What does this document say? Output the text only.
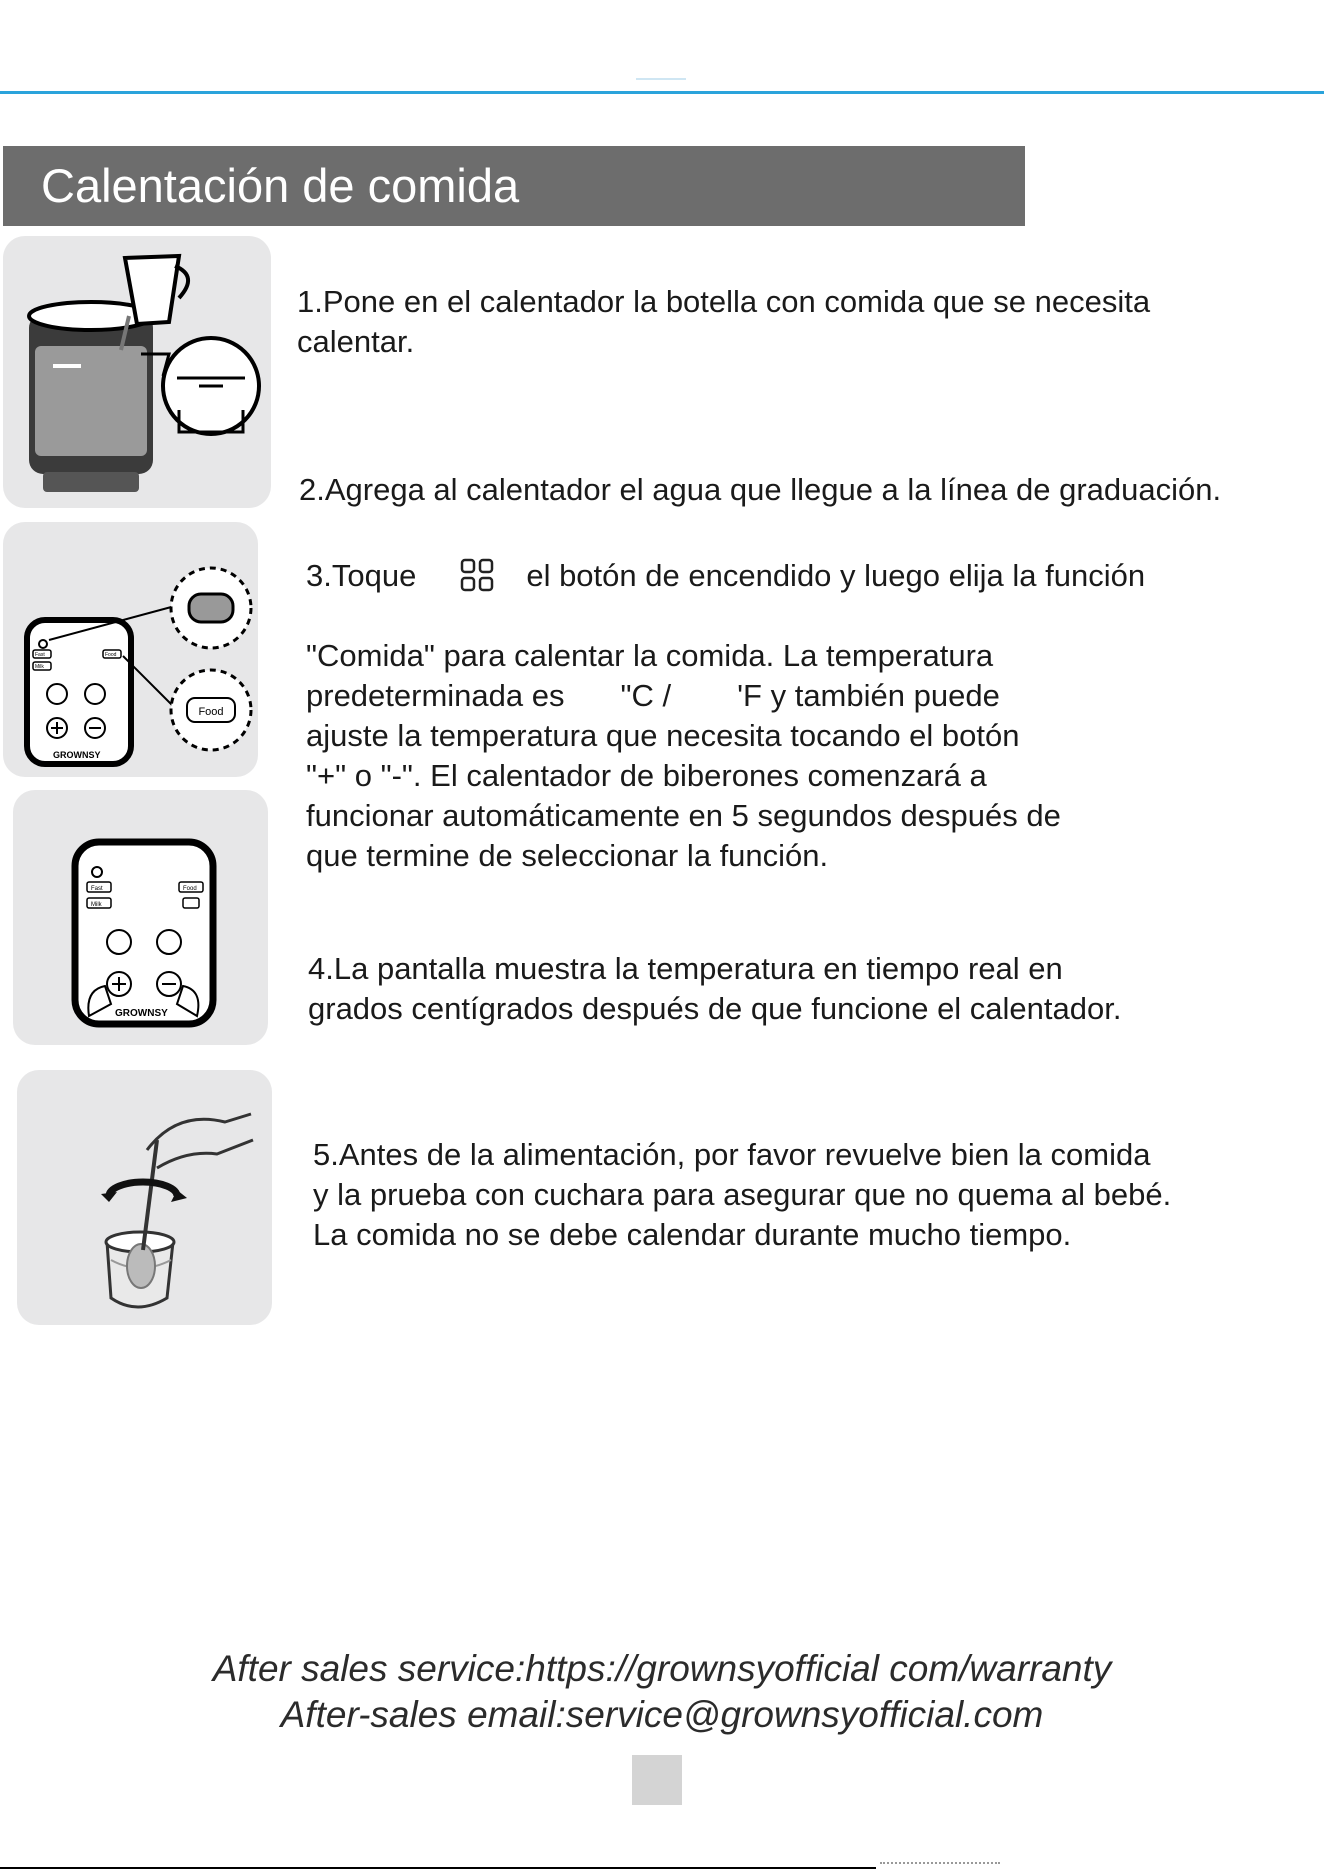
Calentación de comida
GROWNSY
Food
Fast
Milk
Food
Fast
Milk
Food
GROWNSY

1.Pone en el calentador la botella con comida que se necesita
calentar.

2.Agrega al calentador el agua que llegue a la línea de graduación.

3.Toque	el botón de encendido y luego elija la función
"Comida" para calentar la comida. La temperatura
predeterminada es "C / 'F y también puede
ajuste la temperatura que necesita tocando el botón
"+" o "-". El calentador de biberones comenzará a
funcionar automáticamente en 5 segundos después de
que termine de seleccionar la función.

4.La pantalla muestra la temperatura en tiempo real en
grados centígrados después de que funcione el calentador.

5.Antes de la alimentación, por favor revuelve bien la comida
y la prueba con cuchara para asegurar que no quema al bebé.
La comida no se debe calendar durante mucho tiempo.

After sales service:https://grownsyofficial com/warranty
After-sales email:service@grownsyofficial.com
